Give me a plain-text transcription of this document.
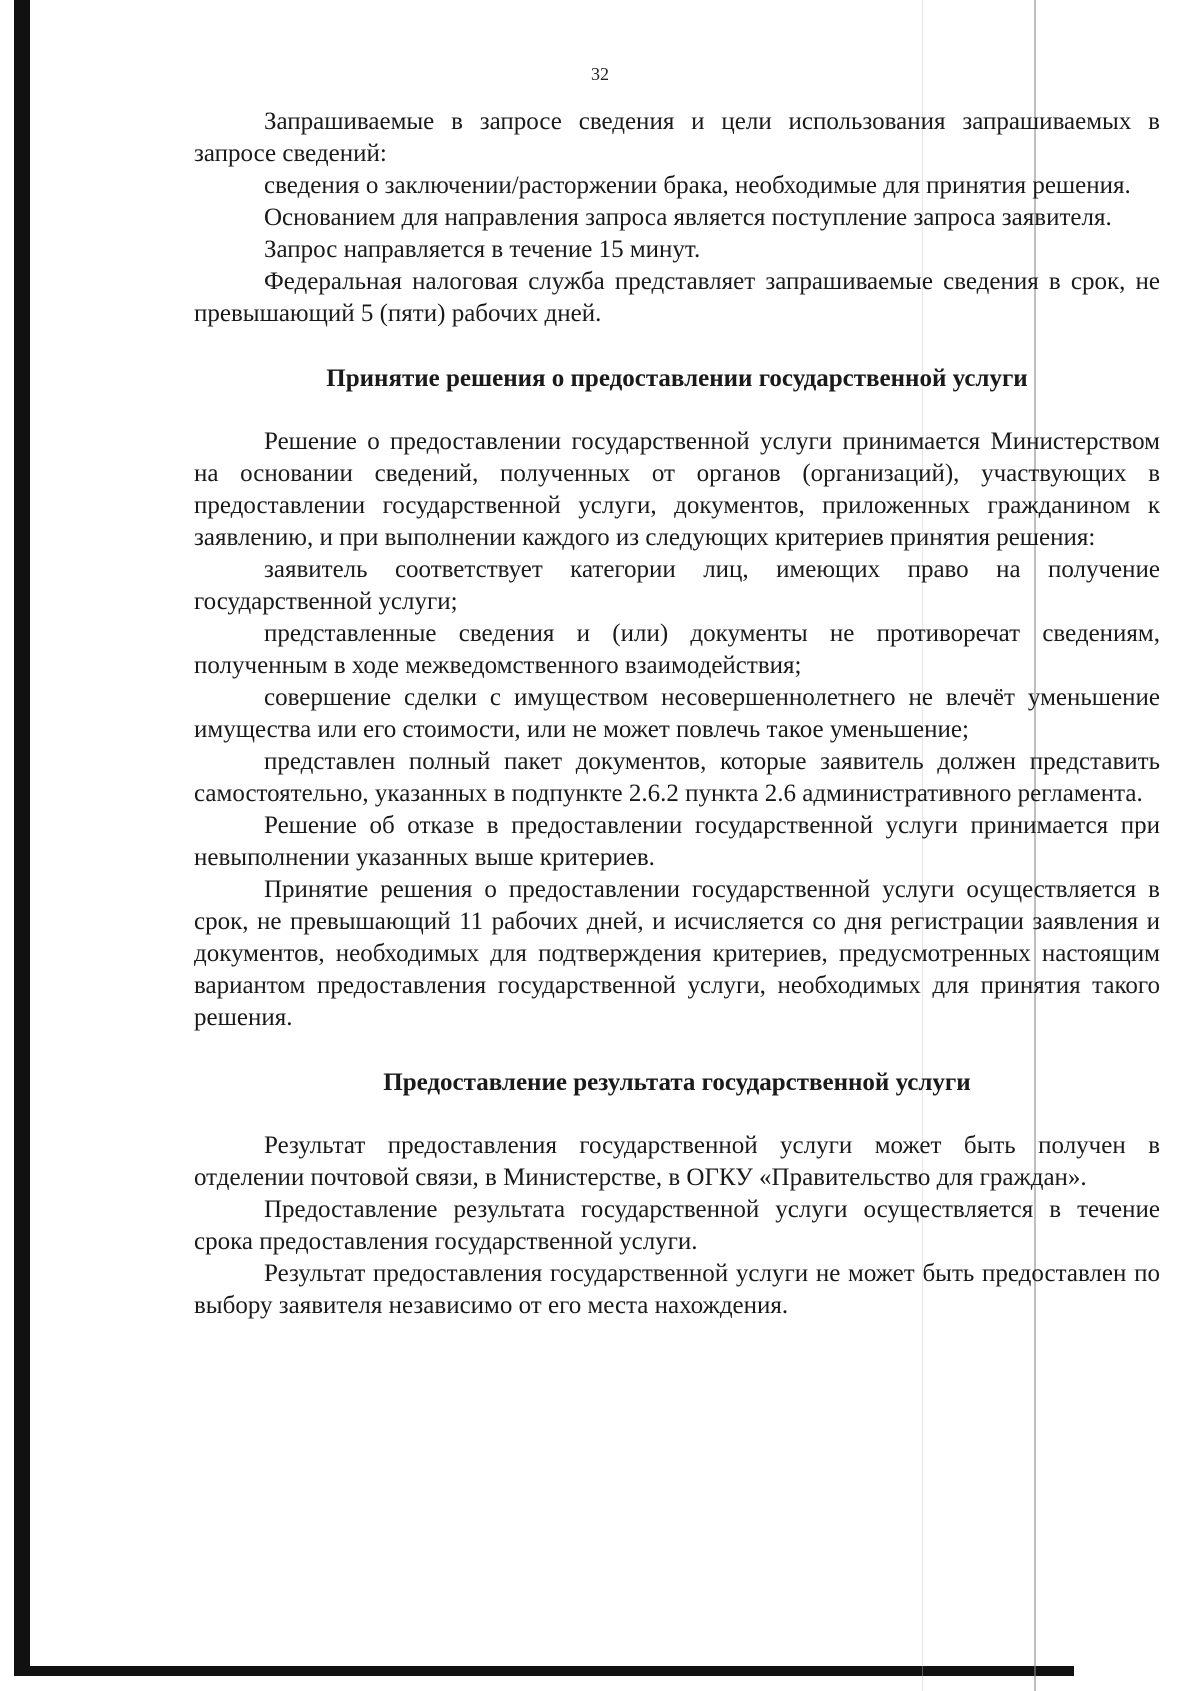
32

Запрашиваемые в запросе сведения и цели использования запрашиваемых в запросе сведений:

сведения о заключении/расторжении брака, необходимые для принятия решения.

Основанием для направления запроса является поступление запроса заявителя.

Запрос направляется в течение 15 минут.

Федеральная налоговая служба представляет запрашиваемые сведения в срок, не превышающий 5 (пяти) рабочих дней.

Принятие решения о предоставлении государственной услуги

Решение о предоставлении государственной услуги принимается Министерством на основании сведений, полученных от органов (организаций), участвующих в предоставлении государственной услуги, документов, приложенных гражданином к заявлению, и при выполнении каждого из следующих критериев принятия решения:

заявитель соответствует категории лиц, имеющих право на получение государственной услуги;

представленные сведения и (или) документы не противоречат сведениям, полученным в ходе межведомственного взаимодействия;

совершение сделки с имуществом несовершеннолетнего не влечёт уменьшение имущества или его стоимости, или не может повлечь такое уменьшение;

представлен полный пакет документов, которые заявитель должен представить самостоятельно, указанных в подпункте 2.6.2 пункта 2.6 административного регламента.

Решение об отказе в предоставлении государственной услуги принимается при невыполнении указанных выше критериев.

Принятие решения о предоставлении государственной услуги осуществляется в срок, не превышающий 11 рабочих дней, и исчисляется со дня регистрации заявления и документов, необходимых для подтверждения критериев, предусмотренных настоящим вариантом предоставления государственной услуги, необходимых для принятия такого решения.

Предоставление результата государственной услуги

Результат предоставления государственной услуги может быть получен в отделении почтовой связи, в Министерстве, в ОГКУ «Правительство для граждан».

Предоставление результата государственной услуги осуществляется в течение срока предоставления государственной услуги.

Результат предоставления государственной услуги не может быть предоставлен по выбору заявителя независимо от его места нахождения.
